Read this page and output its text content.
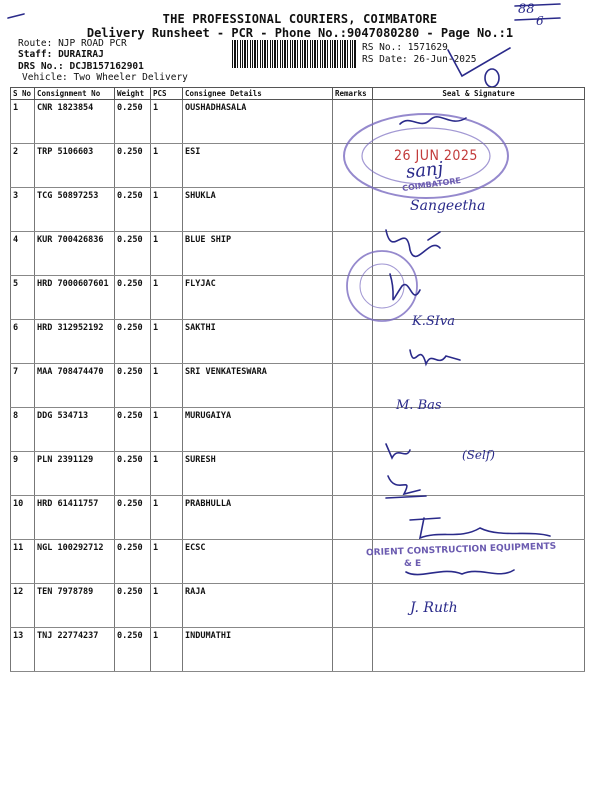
THE PROFESSIONAL COURIERS, COIMBATORE
Delivery Runsheet - PCR - Phone No.:9047080280 - Page No.:1
Route: NJP ROAD PCR
Staff: DURAIRAJ
DRS No.: DCJB157162901
Vehicle: Two Wheeler Delivery
RS No.: 1571629
RS Date: 26-Jun-2025
88
6
S No	Consignment No	Weight	PCS	Consignee Details	Remarks	Seal & Signature
1	CNR 1823854	0.250	1	OUSHADHASALA		
2	TRP 5106603	0.250	1	ESI		
3	TCG 50897253	0.250	1	SHUKLA		
4	KUR 700426836	0.250	1	BLUE SHIP		
5	HRD 7000607601	0.250	1	FLYJAC		
6	HRD 312952192	0.250	1	SAKTHI		
7	MAA 708474470	0.250	1	SRI VENKATESWARA		
8	DDG 534713	0.250	1	MURUGAIYA		
9	PLN 2391129	0.250	1	SURESH		
10	HRD 61411757	0.250	1	PRABHULLA		
11	NGL 100292712	0.250	1	ECSC		
12	TEN 7978789	0.250	1	RAJA		
13	TNJ 22774237	0.250	1	INDUMATHI		
COIMBATORE
26 JUN 2025
sanj
Sangeetha
K.SIva
M. Bas
(Self)
J. Ruth
ORIENT CONSTRUCTION EQUIPMENTS
& E
